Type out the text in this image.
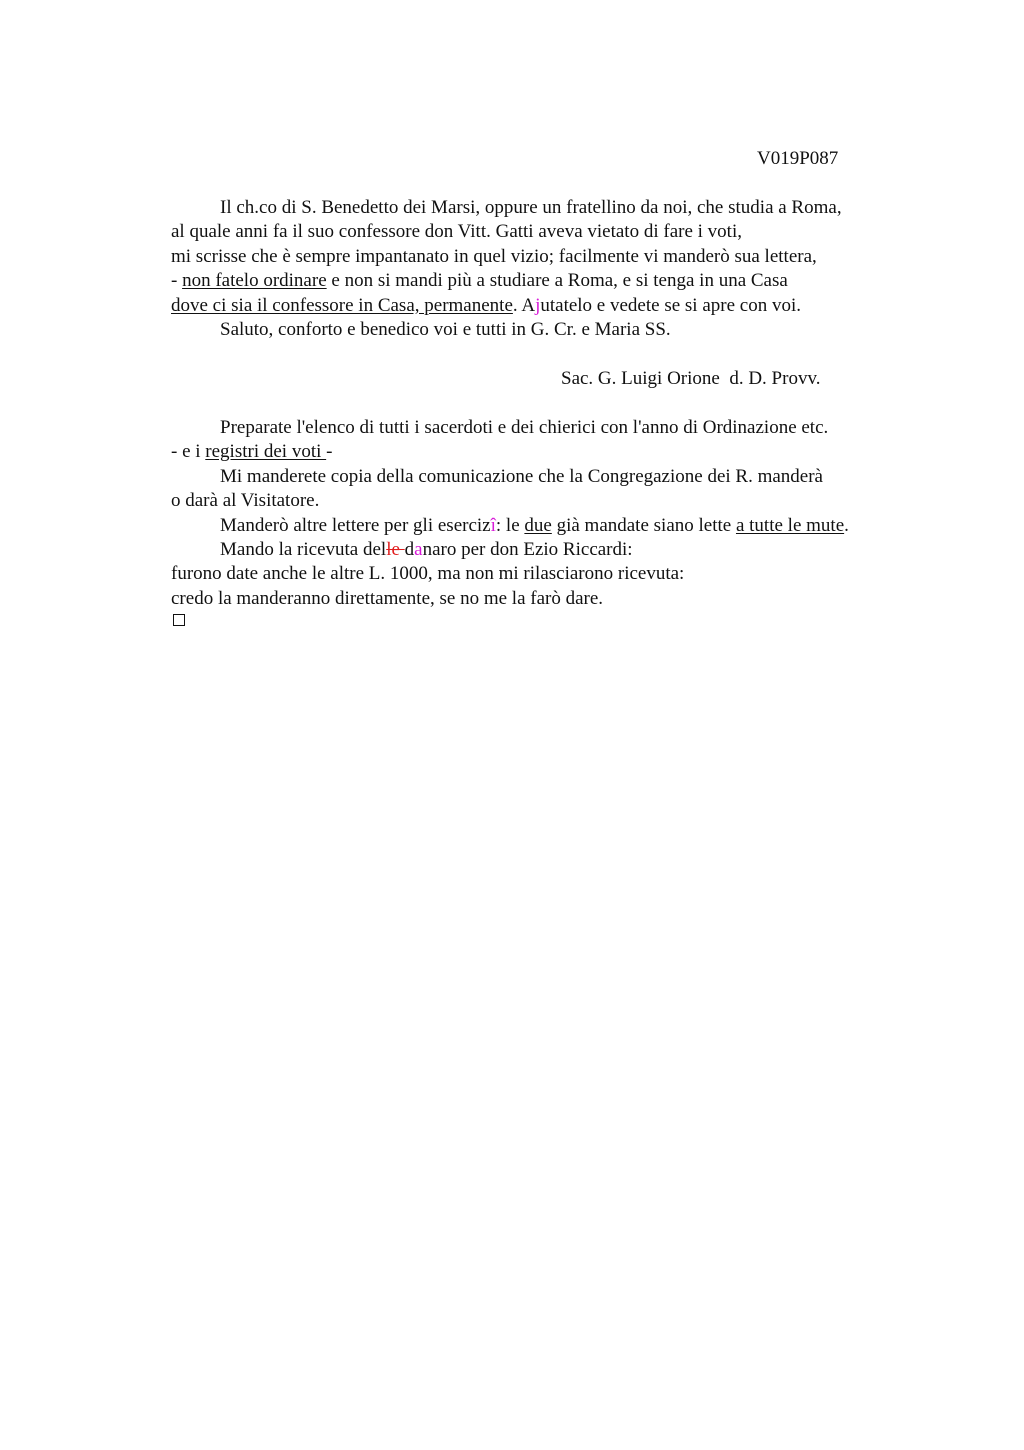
V019P087
Il ch.co di S. Benedetto dei Marsi, oppure un fratellino da noi, che studia a Roma,
al quale anni fa il suo confessore don Vitt. Gatti aveva vietato di fare i voti,
mi scrisse che è sempre impantanato in quel vizio; facilmente vi manderò sua lettera,
- non fatelo ordinare e non si mandi più a studiare a Roma, e si tenga in una Casa
dove ci sia il confessore in Casa, permanente. Ajutatelo e vedete se si apre con voi.
Saluto, conforto e benedico voi e tutti in G. Cr. e Maria SS.
Sac. G. Luigi Orione  d. D. Provv.
Preparate l'elenco di tutti i sacerdoti e dei chierici con l'anno di Ordinazione etc.
- e i registri dei voti -
Mi manderete copia della comunicazione che la Congregazione dei R. manderà
o darà al Visitatore.
Manderò altre lettere per gli esercizî: le due già mandate siano lette a tutte le mute.
Mando la ricevuta delle danaro per don Ezio Riccardi:
furono date anche le altre L. 1000, ma non mi rilasciarono ricevuta:
credo la manderanno direttamente, se no me la farò dare.
